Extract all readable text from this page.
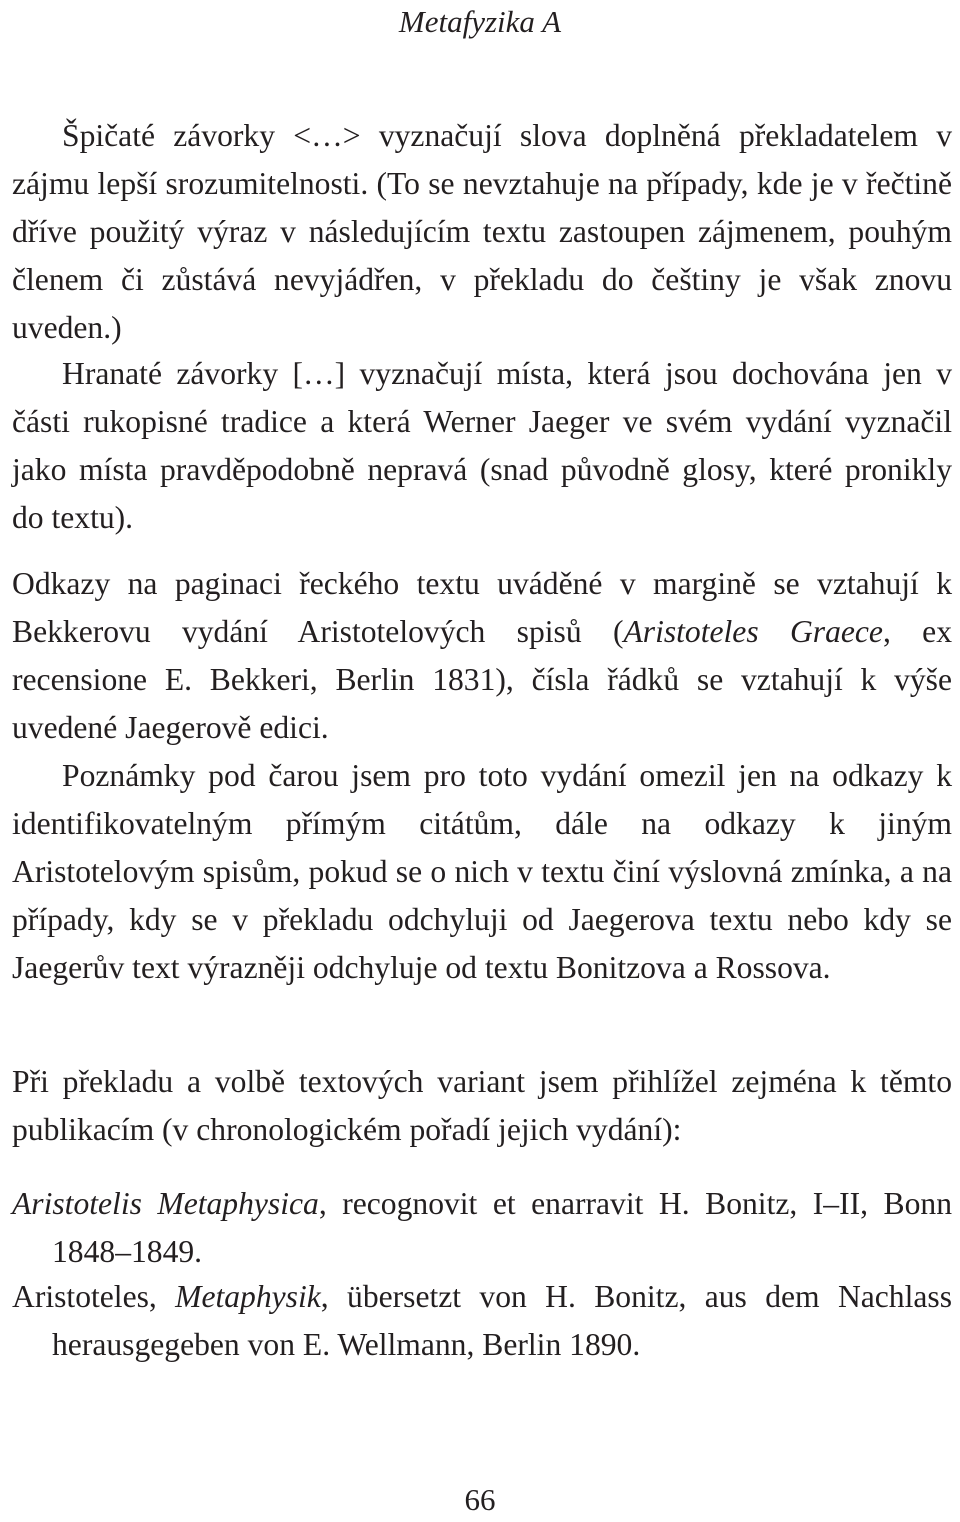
Metafyzika A

Špičaté závorky <…> vyznačují slova doplněná překladatelem v zájmu lepší srozumitelnosti. (To se nevztahuje na případy, kde je v řečtině dříve použitý výraz v následujícím textu zastoupen zájmenem, pouhým členem či zůstává nevyjádřen, v překladu do češtiny je však znovu uveden.)

Hranaté závorky […] vyznačují místa, která jsou dochována jen v části rukopisné tradice a která Werner Jaeger ve svém vydání vyznačil jako místa pravděpodobně nepravá (snad původně glosy, které pronikly do textu).

Odkazy na paginaci řeckého textu uváděné v margině se vztahují k Bekkerovu vydání Aristotelových spisů (Aristoteles Graece, ex recensione E. Bekkeri, Berlin 1831), čísla řádků se vztahují k výše uvedené Jaegerově edici.

Poznámky pod čarou jsem pro toto vydání omezil jen na odkazy k identifikovatelným přímým citátům, dále na odkazy k jiným Aristotelovým spisům, pokud se o nich v textu činí výslovná zmínka, a na případy, kdy se v překladu odchyluji od Jaegerova textu nebo kdy se Jaegerův text výrazněji odchyluje od textu Bonitzova a Rossova.

Při překladu a volbě textových variant jsem přihlížel zejména k těmto publikacím (v chronologickém pořadí jejich vydání):

Aristotelis Metaphysica, recognovit et enarravit H. Bonitz, I–II, Bonn 1848–1849.

Aristoteles, Metaphysik, übersetzt von H. Bonitz, aus dem Nachlass herausgegeben von E. Wellmann, Berlin 1890.

66
